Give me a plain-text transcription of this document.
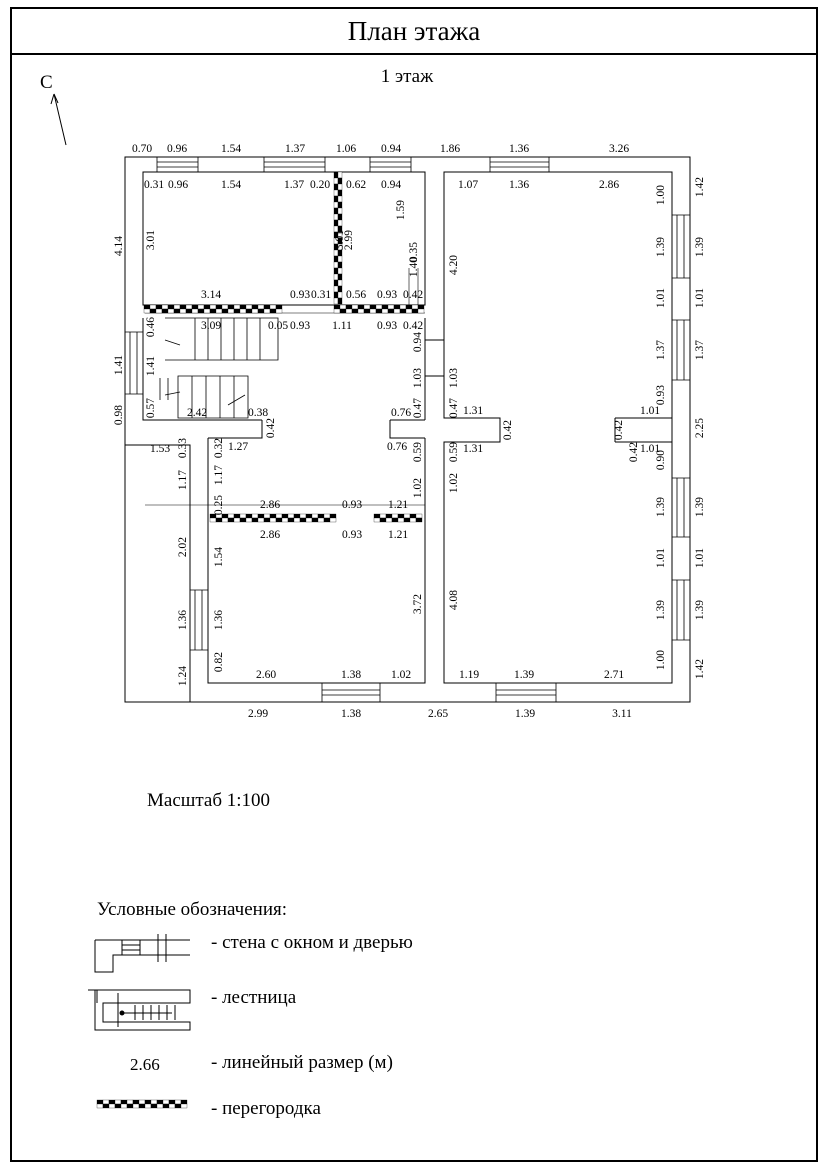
План этажа
С	1 этаж
0.70 0.96	1.54	1.37	1.06 0.94	1.86	1.36	3.26
0.31 0.96	1.54	1.37 0.20 0.62 0.94	1.07	1.36	2.86	1.42
1.39
1.01
1.37
2.25
1.39
1.01
1.39
1.42
1.00
1.39
1.01
1.37
0.93
0.90
1.39
1.01
1.39
1.00
4.14
1.41
0.98
2.99	1.38	2.65	1.39	3.11
0.82
2.60	1.38	1.02	1.19	1.39	2.71
3.01	3.01
2.99
1.59
0.35
1.40 4.20
3.14	0.93 0.31 0.56 0.93 0.42
3.09	0.05 0.93 1.11 0.93 0.42
0.46
1.41
0.94
1.03 1.03
0.57	2.42	0.38
0.42
0.76 0.47 0.47 1.31
0.42	0.42
1.01
1.53 0.33	1.27
0.32	0.76 0.59 0.59 1.31	0.42 1.01
1.17 1.17
1.02 1.02
0.25	2.86	0.93 1.21
2.86	0.93 1.21
2.02 1.54
3.72 4.08
1.36 1.36
1.24
Масштаб 1:100
Условные обозначения:
- стена с окном и дверью
- лестница
2.66	- линейный размер (м)
- перегородка
